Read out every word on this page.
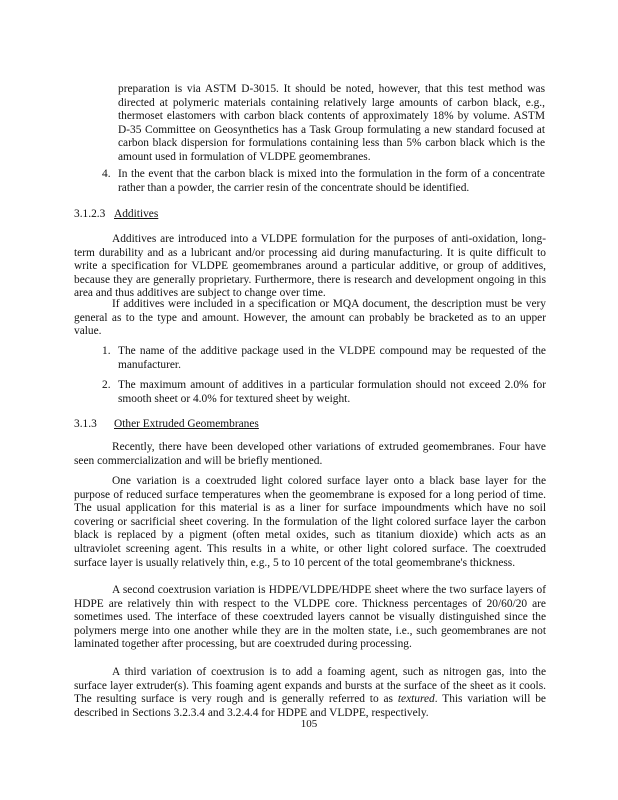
preparation is via ASTM D-3015. It should be noted, however, that this test method was directed at polymeric materials containing relatively large amounts of carbon black, e.g., thermoset elastomers with carbon black contents of approximately 18% by volume. ASTM D-35 Committee on Geosynthetics has a Task Group formulating a new standard focused at carbon black dispersion for formulations containing less than 5% carbon black which is the amount used in formulation of VLDPE geomembranes.

4. In the event that the carbon black is mixed into the formulation in the form of a concentrate rather than a powder, the carrier resin of the concentrate should be identified.
3.1.2.3 Additives

Additives are introduced into a VLDPE formulation for the purposes of anti-oxidation, long-term durability and as a lubricant and/or processing aid during manufacturing. It is quite difficult to write a specification for VLDPE geomembranes around a particular additive, or group of additives, because they are generally proprietary. Furthermore, there is research and development ongoing in this area and thus additives are subject to change over time.

If additives were included in a specification or MQA document, the description must be very general as to the type and amount. However, the amount can probably be bracketed as to an upper value.

1. The name of the additive package used in the VLDPE compound may be requested of the manufacturer.
2. The maximum amount of additives in a particular formulation should not exceed 2.0% for smooth sheet or 4.0% for textured sheet by weight.
3.1.3 Other Extruded Geomembranes

Recently, there have been developed other variations of extruded geomembranes. Four have seen commercialization and will be briefly mentioned.

One variation is a coextruded light colored surface layer onto a black base layer for the purpose of reduced surface temperatures when the geomembrane is exposed for a long period of time. The usual application for this material is as a liner for surface impoundments which have no soil covering or sacrificial sheet covering. In the formulation of the light colored surface layer the carbon black is replaced by a pigment (often metal oxides, such as titanium dioxide) which acts as an ultraviolet screening agent. This results in a white, or other light colored surface. The coextruded surface layer is usually relatively thin, e.g., 5 to 10 percent of the total geomembrane's thickness.

A second coextrusion variation is HDPE/VLDPE/HDPE sheet where the two surface layers of HDPE are relatively thin with respect to the VLDPE core. Thickness percentages of 20/60/20 are sometimes used. The interface of these coextruded layers cannot be visually distinguished since the polymers merge into one another while they are in the molten state, i.e., such geomembranes are not laminated together after processing, but are coextruded during processing.

A third variation of coextrusion is to add a foaming agent, such as nitrogen gas, into the surface layer extruder(s). This foaming agent expands and bursts at the surface of the sheet as it cools. The resulting surface is very rough and is generally referred to as textured. This variation will be described in Sections 3.2.3.4 and 3.2.4.4 for HDPE and VLDPE, respectively.

105
